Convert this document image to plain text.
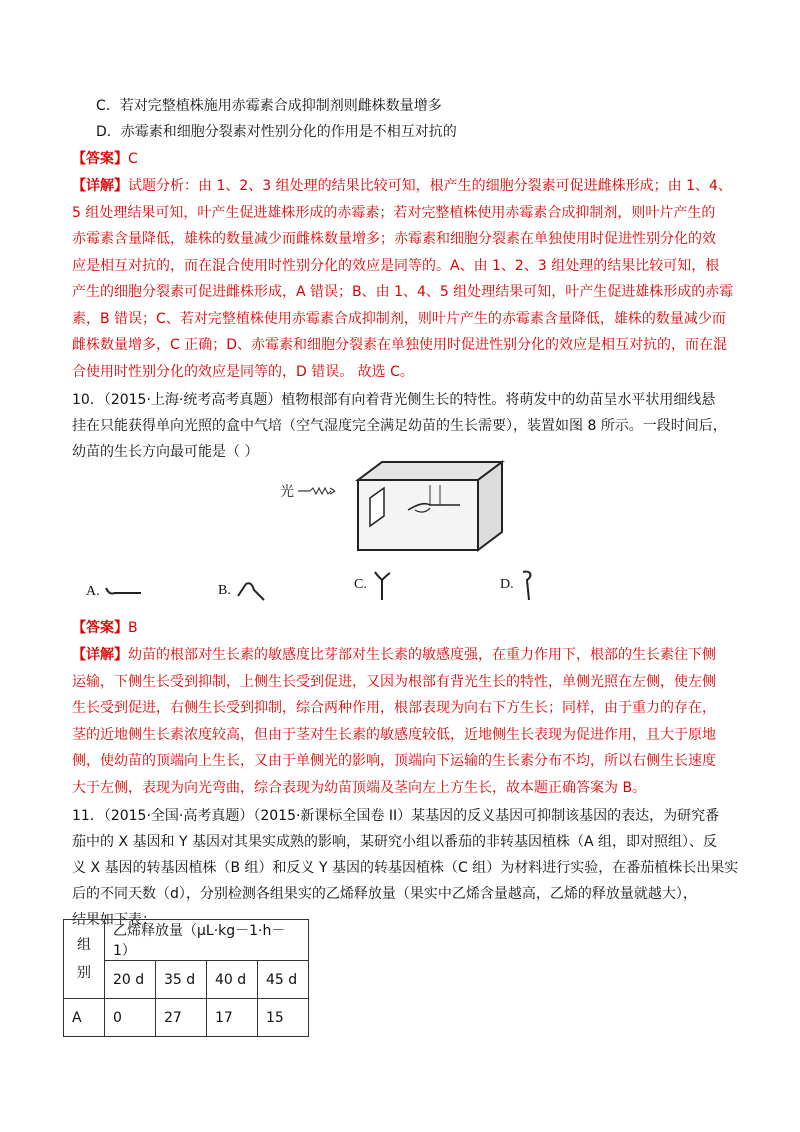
C．若对完整植株施用赤霉素合成抑制剂则雌株数量增多
D．赤霉素和细胞分裂素对性别分化的作用是不相互对抗的
【答案】C
【详解】试题分析：由 1、2、3 组处理的结果比较可知，根产生的细胞分裂素可促进雌株形成；由 1、4、
5 组处理结果可知，叶产生促进雄株形成的赤霉素；若对完整植株使用赤霉素合成抑制剂，则叶片产生的
赤霉素含量降低，雄株的数量减少而雌株数量增多；赤霉素和细胞分裂素在单独使用时促进性别分化的效
应是相互对抗的，而在混合使用时性别分化的效应是同等的。A、由 1、2、3 组处理的结果比较可知，根
产生的细胞分裂素可促进雌株形成，A 错误；B、由 1、4、5 组处理结果可知，叶产生促进雄株形成的赤霉
素，B 错误；C、若对完整植株使用赤霉素合成抑制剂，则叶片产生的赤霉素含量降低，雄株的数量减少而
雌株数量增多，C 正确；D、赤霉素和细胞分裂素在单独使用时促进性别分化的效应是相互对抗的，而在混
合使用时性别分化的效应是同等的，D 错误。 故选 C。
10．（2015·上海·统考高考真题）植物根部有向着背光侧生长的特性。将萌发中的幼苗呈水平状用细线悬
挂在只能获得单向光照的盒中气培（空气湿度完全满足幼苗的生长需要），装置如图 8 所示。一段时间后，
幼苗的生长方向最可能是（ ）
光
A.	B.	C.	D.
【答案】B
【详解】幼苗的根部对生长素的敏感度比芽部对生长素的敏感度强，在重力作用下，根部的生长素往下侧
运输，下侧生长受到抑制，上侧生长受到促进，又因为根部有背光生长的特性，单侧光照在左侧，使左侧
生长受到促进，右侧生长受到抑制，综合两种作用，根部表现为向右下方生长；同样，由于重力的存在，
茎的近地侧生长素浓度较高，但由于茎对生长素的敏感度较低，近地侧生长表现为促进作用，且大于原地
侧，使幼苗的顶端向上生长，又由于单侧光的影响，顶端向下运输的生长素分布不均，所以右侧生长速度
大于左侧，表现为向光弯曲，综合表现为幼苗顶端及茎向左上方生长，故本题正确答案为 B。
11．（2015·全国·高考真题）（2015·新课标全国卷 II）某基因的反义基因可抑制该基因的表达，为研究番
茄中的 X 基因和 Y 基因对其果实成熟的影响，某研究小组以番茄的非转基因植株（A 组，即对照组）、反
义 X 基因的转基因植株（B 组）和反义 Y 基因的转基因植株（C 组）为材料进行实验，在番茄植株长出果实
后的不同天数（d），分别检测各组果实的乙烯释放量（果实中乙烯含量越高，乙烯的释放量就越大），
结果如下表：
组
别	乙烯释放量（μL·kg－1·h－1）			
	20 d	35 d	40 d	45 d
A	0	27	17	15
